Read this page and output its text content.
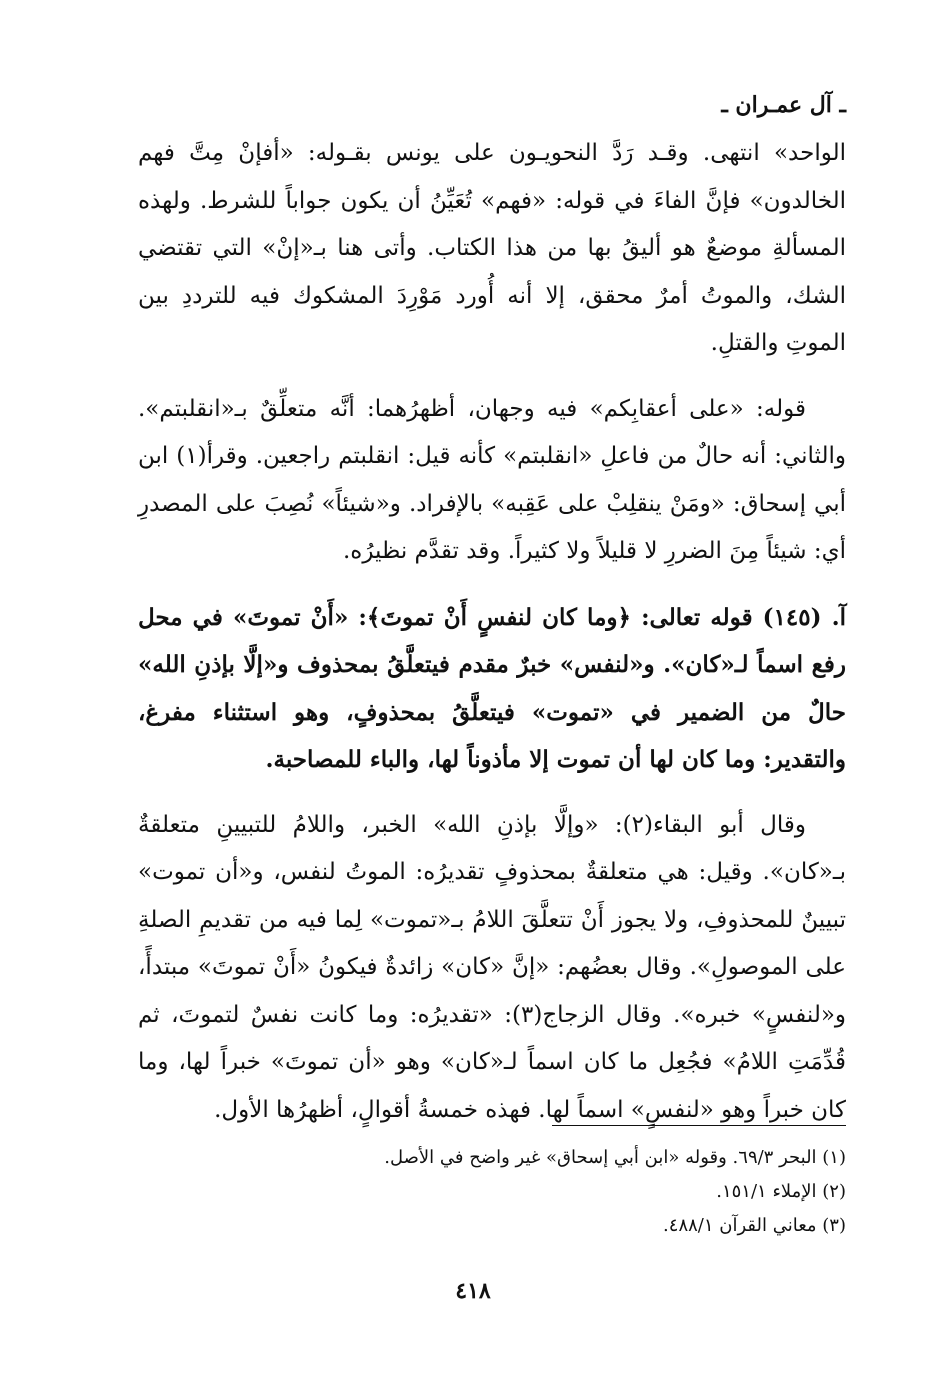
ـ آل عمـران ـ

الواحد» انتهى. وقـد رَدَّ النحويـون على يونس بقـوله: «أفإنْ مِتَّ فهم الخالدون» فإنَّ الفاءَ في قوله: «فهم» تُعَيِّنُ أن يكون جواباً للشرط. ولهذه المسألةِ موضعٌ هو أليقُ بها من هذا الكتاب. وأتى هنا بـ«إنْ» التي تقتضي الشك، والموتُ أمرٌ محقق، إلا أنه أُورد مَوْرِدَ المشكوك فيه للترددِ بين الموتِ والقتلِ.

قوله: «على أعقابِكم» فيه وجهان، أظهرُهما: أنَّه متعلِّقٌ بـ«انقلبتم». والثاني: أنه حالٌ من فاعلِ «انقلبتم» كأنه قيل: انقلبتم راجعين. وقرأ(١) ابن أبي إسحاق: «ومَنْ ينقلِبْ على عَقِبه» بالإفراد. و«شيئاً» نُصِبَ على المصدرِ أي: شيئاً مِنَ الضررِ لا قليلاً ولا كثيراً. وقد تقدَّم نظيرُه.

آ. (١٤٥) قوله تعالى: ﴿وما كان لنفسٍ أَنْ تموتَ﴾: «أَنْ تموتَ» في محل رفع اسماً لـ«كان». و«لنفس» خبرٌ مقدم فيتعلَّقُ بمحذوف و«إلَّا بإذنِ الله» حالٌ من الضمير في «تموت» فيتعلَّقُ بمحذوفٍ، وهو استثناء مفرغ، والتقدير: وما كان لها أن تموت إلا مأذوناً لها، والباء للمصاحبة.

وقال أبو البقاء(٢): «وإلَّا بإذنِ الله» الخبر، واللامُ للتبيينِ متعلقةٌ بـ«كان». وقيل: هي متعلقةٌ بمحذوفٍ تقديرُه: الموتُ لنفس، و«أن تموت» تبيينٌ للمحذوفِ، ولا يجوز أَنْ تتعلَّقَ اللامُ بـ«تموت» لِما فيه من تقديمِ الصلةِ على الموصولِ». وقال بعضُهم: «إنَّ «كان» زائدةٌ فيكونُ «أَنْ تموتَ» مبتدأً، و«لنفسٍ» خبره». وقال الزجاج(٣): «تقديرُه: وما كانت نفسٌ لتموتَ، ثم قُدِّمَتِ اللامُ» فجُعِل ما كان اسماً لـ«كان» وهو «أن تموتَ» خبراً لها، وما كان خبراً وهو «لنفسٍ» اسماً لها. فهذه خمسةُ أقوالٍ، أظهرُها الأول.

(١) البحر ٦٩/٣. وقوله «ابن أبي إسحاق» غير واضح في الأصل.
(٢) الإملاء ١٥١/١.
(٣) معاني القرآن ٤٨٨/١.
٤١٨
